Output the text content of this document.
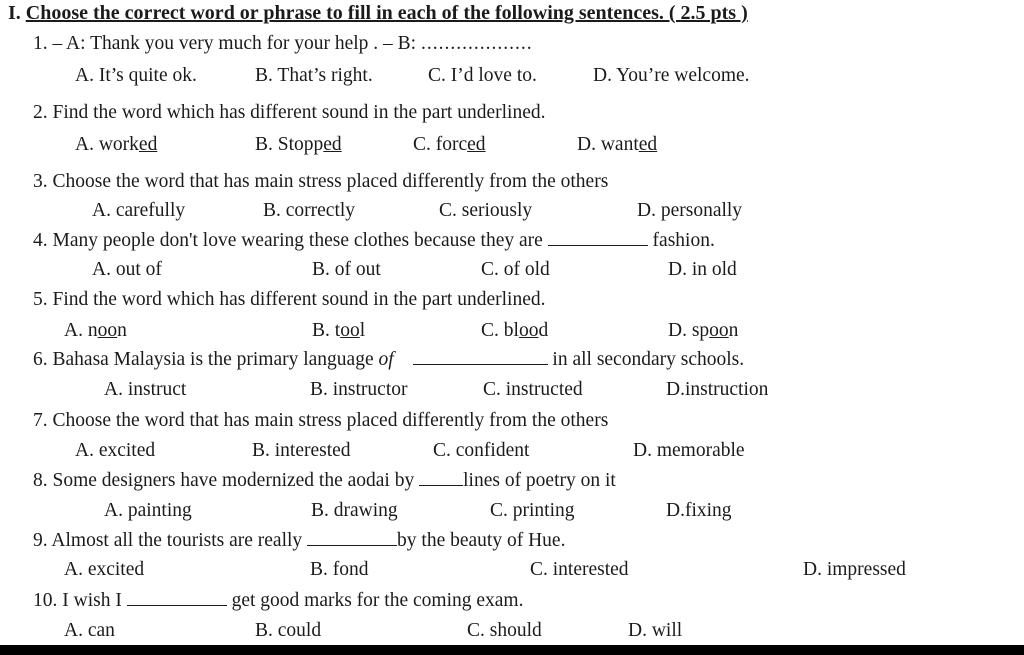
I. Choose the correct word or phrase to fill in each of the following sentences. ( 2.5 pts )
1. – A: Thank you very much for your help . – B: ...................
A. It’s quite ok.	B. That’s right.	C. I’d love to.	D. You’re welcome.
2. Find the word which has different sound in the part underlined.
A. worked	B. Stopped	C. forced	D. wanted
3. Choose the word that has main stress placed differently from the others
A. carefully	B. correctly	C. seriously	D. personally
4. Many people don't love wearing these clothes because they are	fashion.
A. out of	B. of out	C. of old	D. in old
5. Find the word which has different sound in the part underlined.
A. noon	B. tool	C. blood	D. spoon
6. Bahasa Malaysia is the primary language of	in all secondary schools.
A. instruct	B. instructor	C. instructed	D.instruction
7. Choose the word that has main stress placed differently from the others
A. excited	B. interested	C. confident	D. memorable
8. Some designers have modernized the aodai by lines of poetry on it
A. painting	B. drawing	C. printing	D.fixing
9. Almost all the tourists are really	by the beauty of Hue.
A. excited	B. fond	C. interested	D. impressed
10. I wish I	get good marks for the coming exam.
A. can	B. could	C. should	D. will
